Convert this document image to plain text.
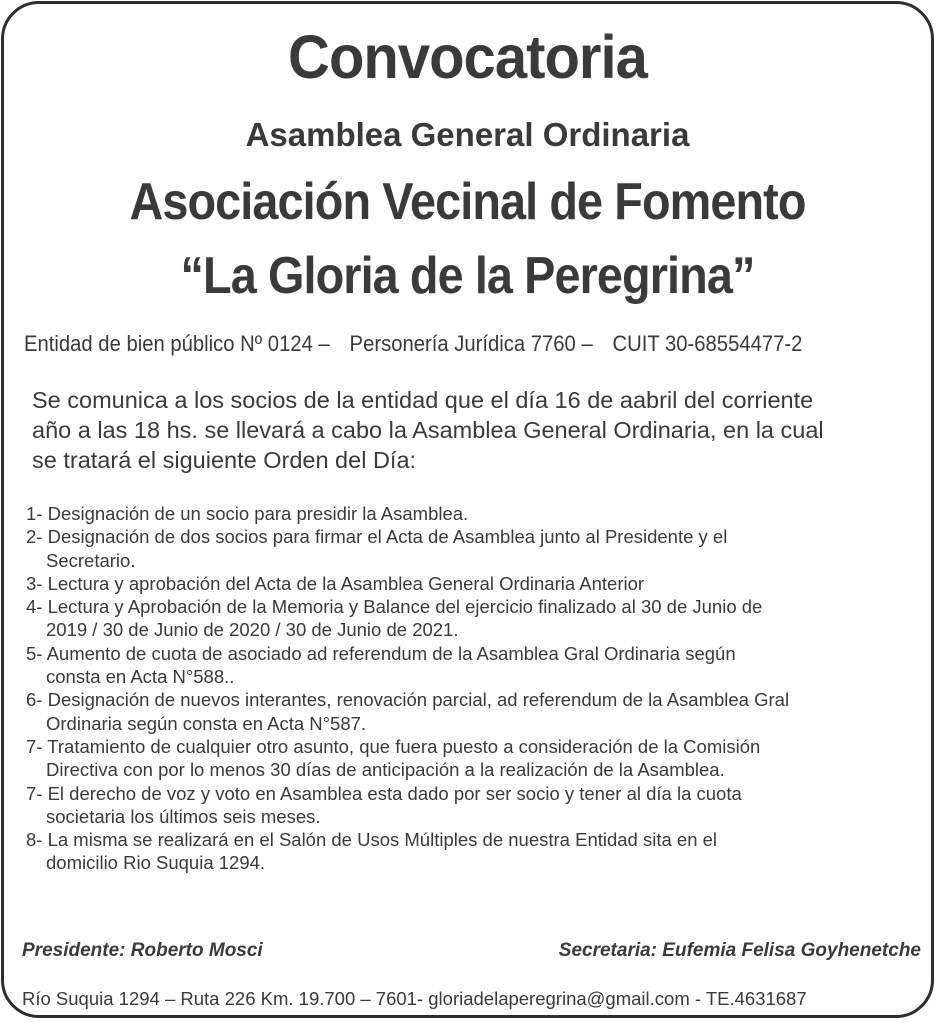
Convocatoria
Asamblea General Ordinaria
Asociación Vecinal de Fomento
“La Gloria de la Peregrina”
Entidad de bien público Nº 0124 – Personería Jurídica 7760 – CUIT 30-68554477-2
Se comunica a los socios de la entidad que el día 16 de aabril del corriente
año a las 18 hs. se llevará a cabo la Asamblea General Ordinaria, en la cual
se tratará el siguiente Orden del Día:
1- Designación de un socio para presidir la Asamblea.
2- Designación de dos socios para firmar el Acta de Asamblea junto al Presidente y el
Secretario.
3- Lectura y aprobación del Acta de la Asamblea General Ordinaria Anterior
4- Lectura y Aprobación de la Memoria y Balance del ejercicio finalizado al 30 de Junio de
2019 / 30 de Junio de 2020 / 30 de Junio de 2021.
5- Aumento de cuota de asociado ad referendum de la Asamblea Gral Ordinaria según
consta en Acta N°588..
6- Designación de nuevos interantes, renovación parcial, ad referendum de la Asamblea Gral
Ordinaria según consta en Acta N°587.
7- Tratamiento de cualquier otro asunto, que fuera puesto a consideración de la Comisión
Directiva con por lo menos 30 días de anticipación a la realización de la Asamblea.
7- El derecho de voz y voto en Asamblea esta dado por ser socio y tener al día la cuota
societaria los últimos seis meses.
8- La misma se realizará en el Salón de Usos Múltiples de nuestra Entidad sita en el
domicilio Rio Suquia 1294.
Presidente: Roberto Mosci	Secretaria: Eufemia Felisa Goyhenetche
Río Suquia 1294 – Ruta 226 Km. 19.700 – 7601- gloriadelaperegrina@gmail.com - TE.4631687
